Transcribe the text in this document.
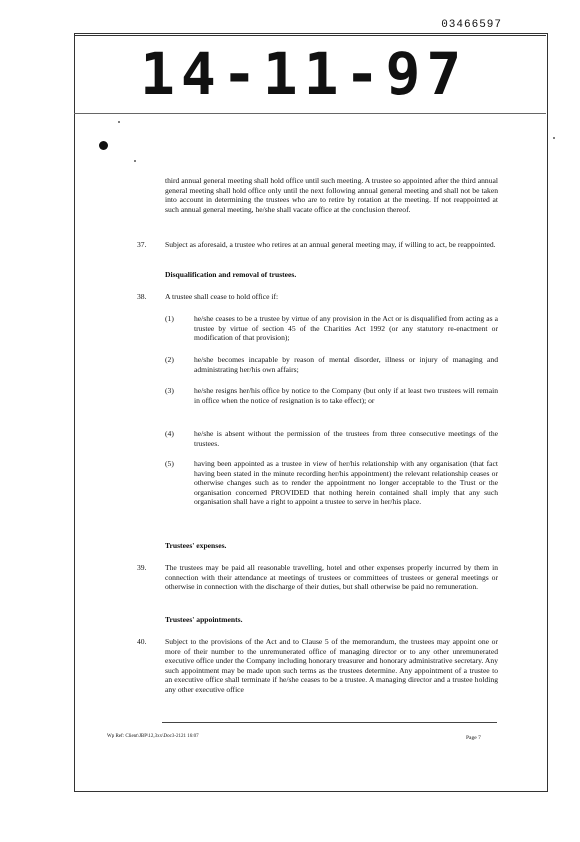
03466597
14-11-97
third annual general meeting shall hold office until such meeting. A trustee so appointed after the third annual general meeting shall hold office only until the next following annual general meeting and shall not be taken into account in determining the trustees who are to retire by rotation at the meeting. If not reappointed at such annual general meeting, he/she shall vacate office at the conclusion thereof.
37. Subject as aforesaid, a trustee who retires at an annual general meeting may, if willing to act, be reappointed.
Disqualification and removal of trustees.
38. A trustee shall cease to hold office if:
(1)	he/she ceases to be a trustee by virtue of any provision in the Act or is disqualified from acting as a trustee by virtue of section 45 of the Charities Act 1992 (or any statutory re-enactment or modification of that provision);
(2)	he/she becomes incapable by reason of mental disorder, illness or injury of managing and administrating her/his own affairs;
(3)	he/she resigns her/his office by notice to the Company (but only if at least two trustees will remain in office when the notice of resignation is to take effect); or
(4)	he/she is absent without the permission of the trustees from three consecutive meetings of the trustees.
(5)	having been appointed as a trustee in view of her/his relationship with any organisation (that fact having been stated in the minute recording her/his appointment) the relevant relationship ceases or otherwise changes such as to render the appointment no longer acceptable to the Trust or the organisation concerned PROVIDED that nothing herein contained shall imply that any such organisation shall have a right to appoint a trustee to serve in her/his place.
Trustees' expenses.
39. The trustees may be paid all reasonable travelling, hotel and other expenses properly incurred by them in connection with their attendance at meetings of trustees or committees of trustees or general meetings or otherwise in connection with the discharge of their duties, but shall otherwise be paid no remuneration.
Trustees' appointments.
40. Subject to the provisions of the Act and to Clause 5 of the memorandum, the trustees may appoint one or more of their number to the unremunerated office of managing director or to any other unremunerated executive office under the Company including honorary treasurer and honorary administrative secretary. Any such appointment may be made upon such terms as the trustees determine. Any appointment of a trustee to an executive office shall terminate if he/she ceases to be a trustee. A managing director and a trustee holding any other executive office
Wp Ref: Client\JBP\12,3xx\Doc3-2121 16:07	Page 7
